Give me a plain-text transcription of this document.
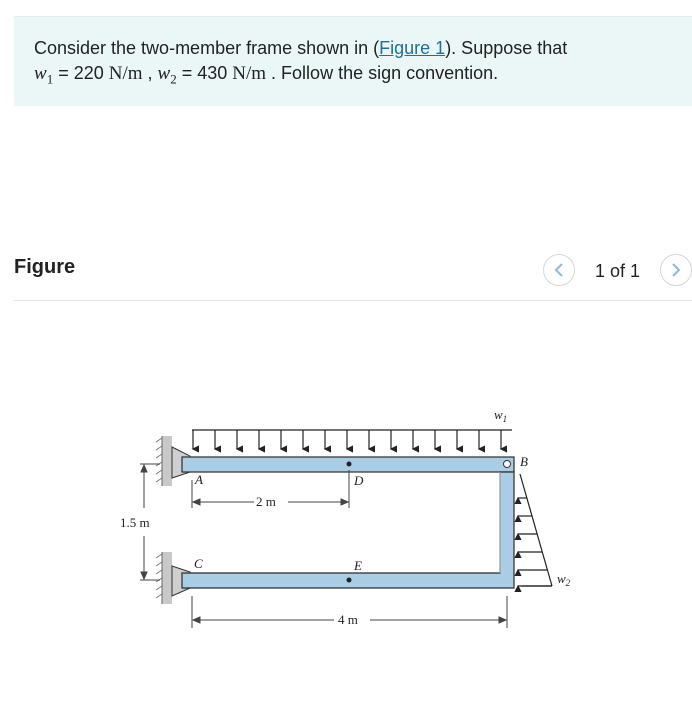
Consider the two-member frame shown in (Figure 1). Suppose that
$w_1 = 220$ N/m , $w_2 = 430$ N/m . Follow the sign convention.
Figure	1 of 1
$w_1$
$w_2$
B
A
C
D
E
2 m
1.5 m
4 m
